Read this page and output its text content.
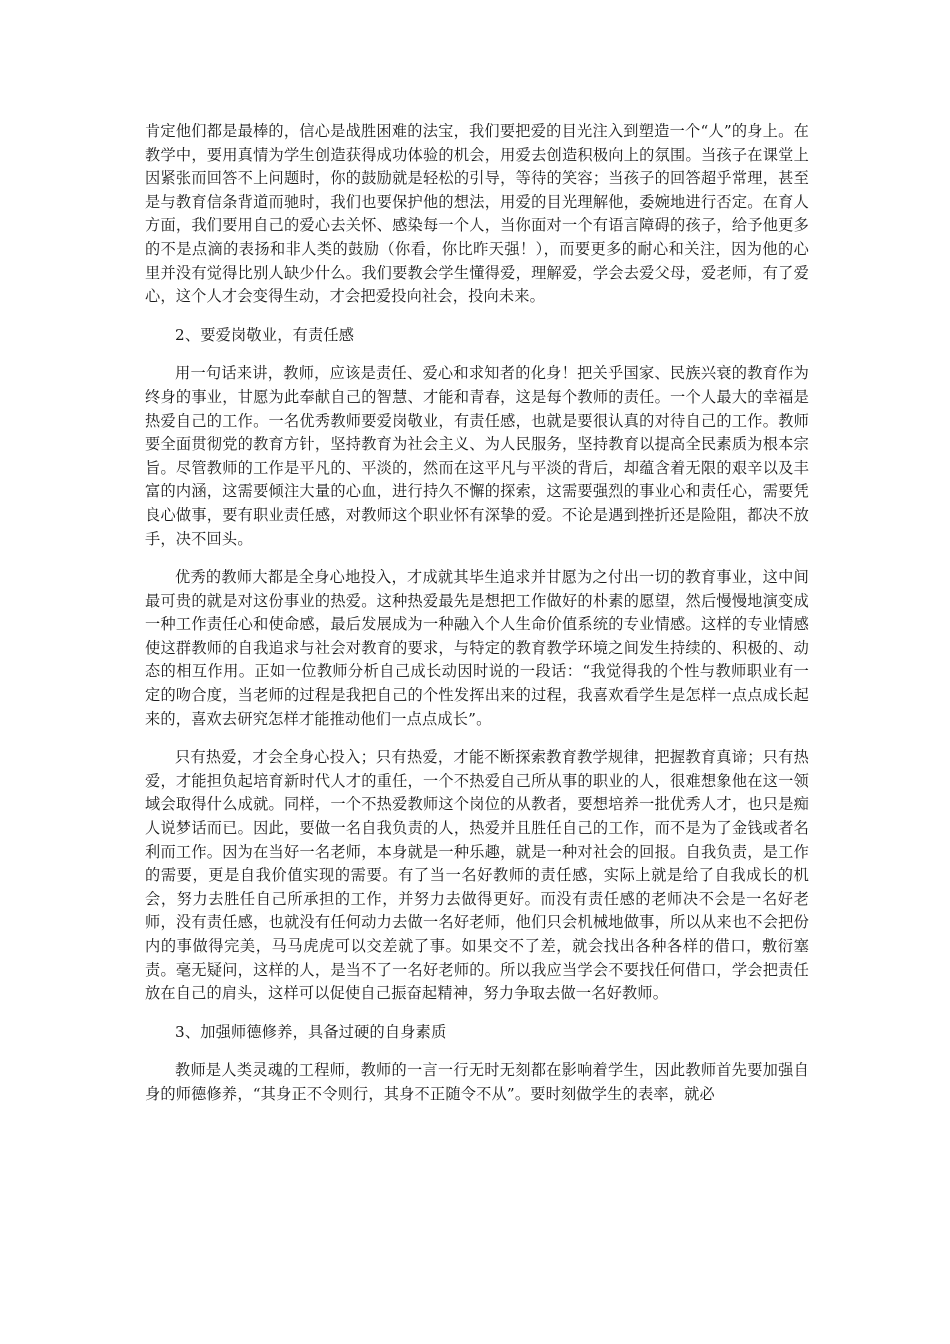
肯定他们都是最棒的，信心是战胜困难的法宝，我们要把爱的目光注入到塑造一个“人”的身上。在教学中，要用真情为学生创造获得成功体验的机会，用爱去创造积极向上的氛围。当孩子在课堂上因紧张而回答不上问题时，你的鼓励就是轻松的引导，等待的笑容；当孩子的回答超乎常理，甚至是与教育信条背道而驰时，我们也要保护他的想法，用爱的目光理解他，委婉地进行否定。在育人方面，我们要用自己的爱心去关怀、感染每一个人，当你面对一个有语言障碍的孩子，给予他更多的不是点滴的表扬和非人类的鼓励（你看，你比昨天强！），而要更多的耐心和关注，因为他的心里并没有觉得比别人缺少什么。我们要教会学生懂得爱，理解爱，学会去爱父母，爱老师，有了爱心，这个人才会变得生动，才会把爱投向社会，投向未来。

2、要爱岗敬业，有责任感

用一句话来讲，教师，应该是责任、爱心和求知者的化身！把关乎国家、民族兴衰的教育作为终身的事业，甘愿为此奉献自己的智慧、才能和青春，这是每个教师的责任。一个人最大的幸福是热爱自己的工作。一名优秀教师要爱岗敬业，有责任感，也就是要很认真的对待自己的工作。教师要全面贯彻党的教育方针，坚持教育为社会主义、为人民服务，坚持教育以提高全民素质为根本宗旨。尽管教师的工作是平凡的、平淡的，然而在这平凡与平淡的背后，却蕴含着无限的艰辛以及丰富的内涵，这需要倾注大量的心血，进行持久不懈的探索，这需要强烈的事业心和责任心，需要凭良心做事，要有职业责任感，对教师这个职业怀有深挚的爱。不论是遇到挫折还是险阻，都决不放手，决不回头。

优秀的教师大都是全身心地投入，才成就其毕生追求并甘愿为之付出一切的教育事业，这中间最可贵的就是对这份事业的热爱。这种热爱最先是想把工作做好的朴素的愿望，然后慢慢地演变成一种工作责任心和使命感，最后发展成为一种融入个人生命价值系统的专业情感。这样的专业情感使这群教师的自我追求与社会对教育的要求，与特定的教育教学环境之间发生持续的、积极的、动态的相互作用。正如一位教师分析自己成长动因时说的一段话：“我觉得我的个性与教师职业有一定的吻合度，当老师的过程是我把自己的个性发挥出来的过程，我喜欢看学生是怎样一点点成长起来的，喜欢去研究怎样才能推动他们一点点成长”。

只有热爱，才会全身心投入；只有热爱，才能不断探索教育教学规律，把握教育真谛；只有热爱，才能担负起培育新时代人才的重任，一个不热爱自己所从事的职业的人，很难想象他在这一领域会取得什么成就。同样，一个不热爱教师这个岗位的从教者，要想培养一批优秀人才，也只是痴人说梦话而已。因此，要做一名自我负责的人，热爱并且胜任自己的工作，而不是为了金钱或者名利而工作。因为在当好一名老师，本身就是一种乐趣，就是一种对社会的回报。自我负责，是工作的需要，更是自我价值实现的需要。有了当一名好教师的责任感，实际上就是给了自我成长的机会，努力去胜任自己所承担的工作，并努力去做得更好。而没有责任感的老师决不会是一名好老师，没有责任感，也就没有任何动力去做一名好老师，他们只会机械地做事，所以从来也不会把份内的事做得完美，马马虎虎可以交差就了事。如果交不了差，就会找出各种各样的借口，敷衍塞责。毫无疑问，这样的人，是当不了一名好老师的。所以我应当学会不要找任何借口，学会把责任放在自己的肩头，这样可以促使自己振奋起精神，努力争取去做一名好教师。

3、加强师德修养，具备过硬的自身素质

教师是人类灵魂的工程师，教师的一言一行无时无刻都在影响着学生，因此教师首先要加强自身的师德修养，“其身正不令则行，其身不正随令不从”。要时刻做学生的表率，就必
